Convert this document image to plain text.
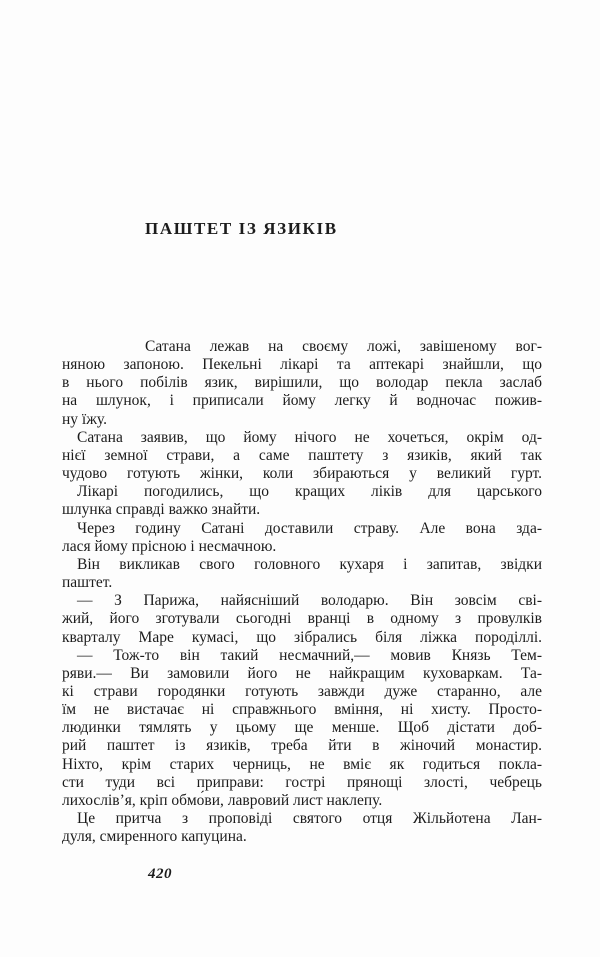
ПАШТЕТ ІЗ ЯЗИКІВ
Сатана лежав на своєму ложі, завішеному вог-
няною запоною. Пекельні лікарі та аптекарі знайшли, що
в нього побілів язик, вирішили, що володар пекла заслаб
на шлунок, і приписали йому легку й водночас пожив-
ну їжу.
Сатана заявив, що йому нічого не хочеться, окрім од-
нієї земної страви, а саме паштету з язиків, який так
чудово готують жінки, коли збираються у великий гурт.
Лікарі погодились, що кращих ліків для царського
шлунка справді важко знайти.
Через годину Сатані доставили страву. Але вона зда-
лася йому прісною і несмачною.
Він викликав свого головного кухаря і запитав, звідки
паштет.
— З Парижа, найясніший володарю. Він зовсім сві-
жий, його зготували сьогодні вранці в одному з провулків
кварталу Маре кумасі, що зібрались біля ліжка породіллі.
— Тож-то він такий несмачний,— мовив Князь Тем-
ряви.— Ви замовили його не найкращим куховаркам. Та-
кі страви городянки готують завжди дуже старанно, але
їм не вистачає ні справжнього вміння, ні хисту. Просто-
людинки тямлять у цьому ще менше. Щоб дістати доб-
рий паштет із язиків, треба йти в жіночий монастир.
Ніхто, крім старих черниць, не вміє як годиться покла-
сти туди всі приправи: гострі прянощі злості, чебрець
лихослів’я, кріп обмо́ви, лавровий лист наклепу.
Це притча з проповіді святого отця Жільйотена Лан-
дуля, смиренного капуцина.
420
